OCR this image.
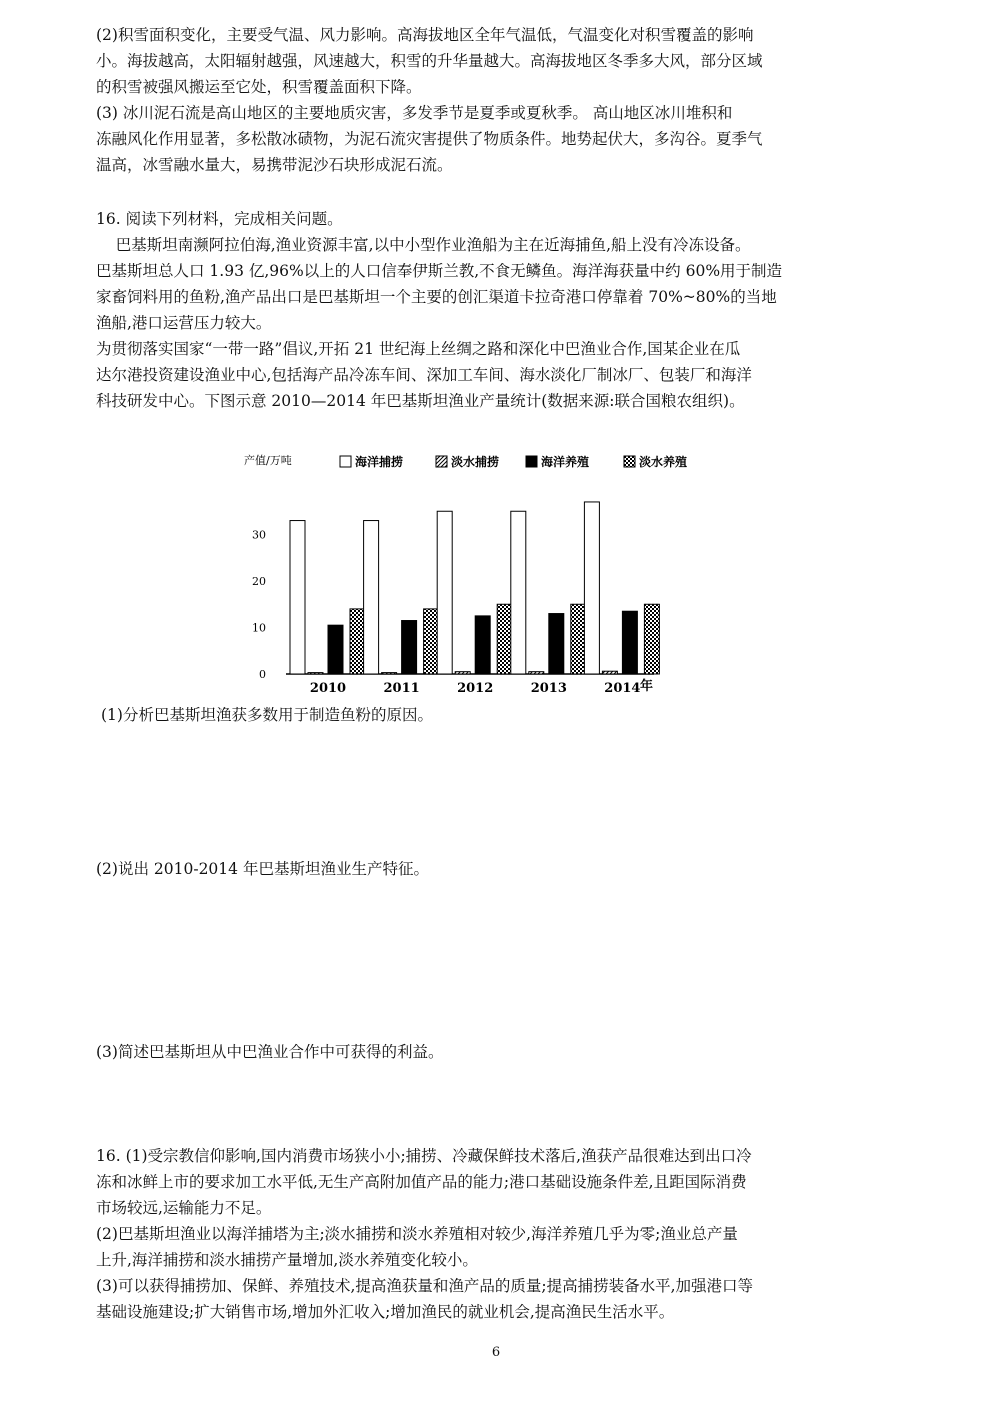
(2)积雪面积变化，主要受气温、风力影响。高海拔地区全年气温低，气温变化对积雪覆盖的影响
小。海拔越高，太阳辐射越强，风速越大，积雪的升华量越大。高海拔地区冬季多大风，部分区域
的积雪被强风搬运至它处，积雪覆盖面积下降。
(3) 冰川泥石流是高山地区的主要地质灾害，多发季节是夏季或夏秋季。 高山地区冰川堆积和
冻融风化作用显著，多松散冰碛物，为泥石流灾害提供了物质条件。地势起伏大，多沟谷。夏季气
温高，冰雪融水量大，易携带泥沙石块形成泥石流。
16. 阅读下列材料，完成相关问题。
巴基斯坦南濒阿拉伯海,渔业资源丰富,以中小型作业渔船为主在近海捕鱼,船上没有冷冻设备。
巴基斯坦总人口 1.93 亿,96%以上的人口信奉伊斯兰教,不食无鳞鱼。海洋海获量中约 60%用于制造
家畜饲料用的鱼粉,渔产品出口是巴基斯坦一个主要的创汇渠道卡拉奇港口停靠着 70%~80%的当地
渔船,港口运营压力较大。
为贯彻落实国家“一带一路”倡议,开拓 21 世纪海上丝绸之路和深化中巴渔业合作,国某企业在瓜
达尔港投资建设渔业中心,包括海产品冷冻车间、深加工车间、海水淡化厂制冰厂、包装厂和海洋
科技研发中心。下图示意 2010—2014 年巴基斯坦渔业产量统计(数据来源:联合国粮农组织)。
海洋捕捞	淡水捕捞	海洋养殖	淡水养殖
产值/万吨
0
10
20
30
2010	2011	2012	2013	2014 年
(1)分析巴基斯坦渔获多数用于制造鱼粉的原因。
(2)说出 2010-2014 年巴基斯坦渔业生产特征。
(3)简述巴基斯坦从中巴渔业合作中可获得的利益。
16. (1)受宗教信仰影响,国内消费市场狭小小;捕捞、冷藏保鲜技术落后,渔获产品很难达到出口冷
冻和冰鲜上市的要求加工水平低,无生产高附加值产品的能力;港口基础设施条件差,且距国际消费
市场较远,运输能力不足。
(2)巴基斯坦渔业以海洋捕塔为主;淡水捕捞和淡水养殖相对较少,海洋养殖几乎为零;渔业总产量
上升,海洋捕捞和淡水捕捞产量增加,淡水养殖变化较小。
(3)可以获得捕捞加、保鲜、养殖技术,提高渔获量和渔产品的质量;提高捕捞装备水平,加强港口等
基础设施建设;扩大销售市场,增加外汇收入;增加渔民的就业机会,提高渔民生活水平。
6
